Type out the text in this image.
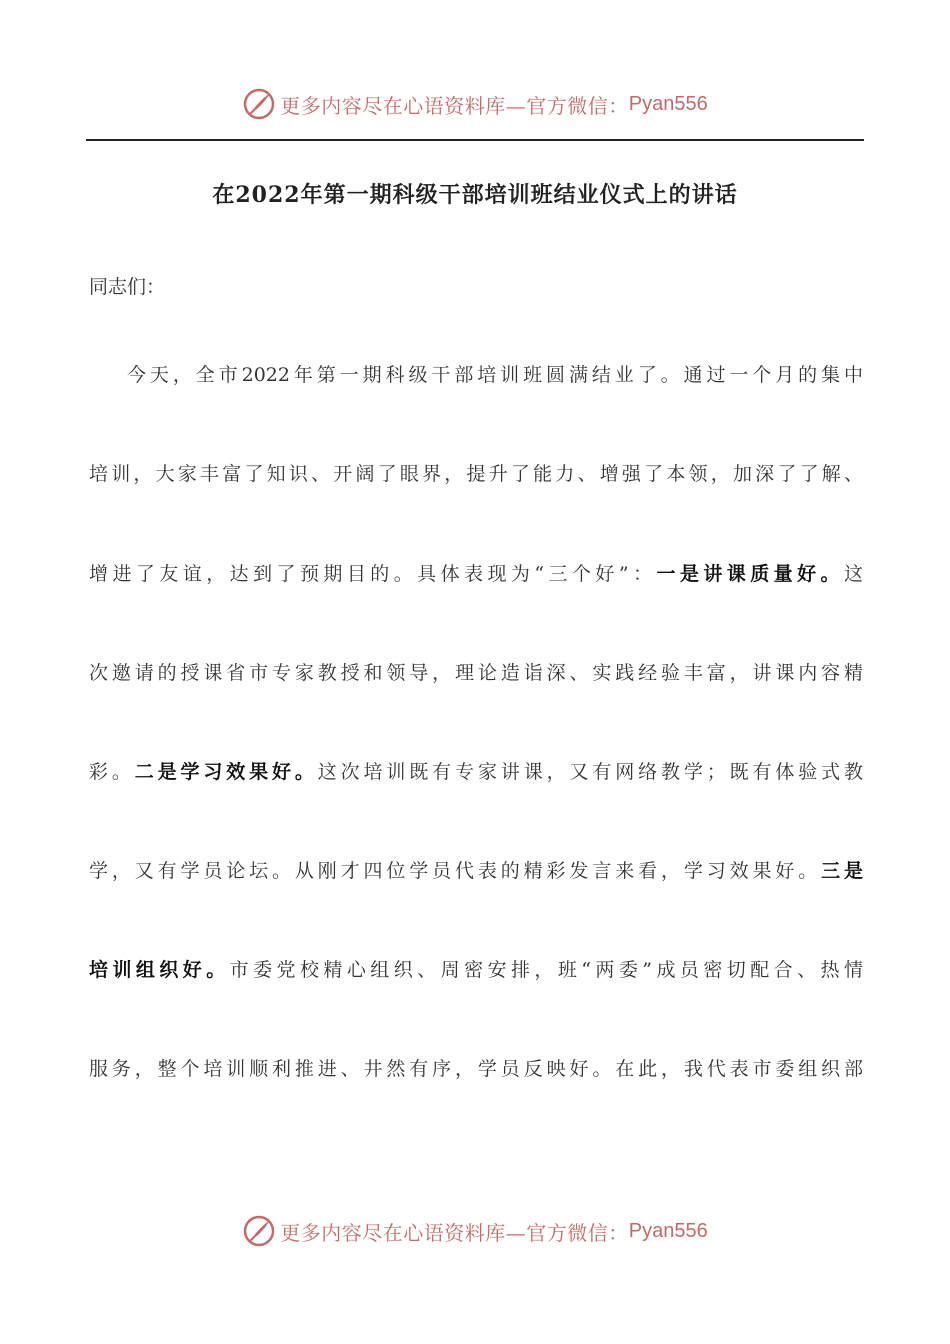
更多内容尽在心语资料库—官方微信： Pyan556
在2022年第一期科级干部培训班结业仪式上的讲话
同志们：
今天，全市2022年第一期科级干部培训班圆满结业了。通过一个月的集中
培训，大家丰富了知识、开阔了眼界，提升了能力、增强了本领，加深了了解、
增进了友谊，达到了预期目的。具体表现为“三个好”：一是讲课质量好。这
次邀请的授课省市专家教授和领导，理论造诣深、实践经验丰富，讲课内容精
彩。二是学习效果好。这次培训既有专家讲课，又有网络教学；既有体验式教
学，又有学员论坛。从刚才四位学员代表的精彩发言来看，学习效果好。三是
培训组织好。市委党校精心组织、周密安排，班“两委”成员密切配合、热情
服务，整个培训顺利推进、井然有序，学员反映好。在此，我代表市委组织部
更多内容尽在心语资料库—官方微信： Pyan556
